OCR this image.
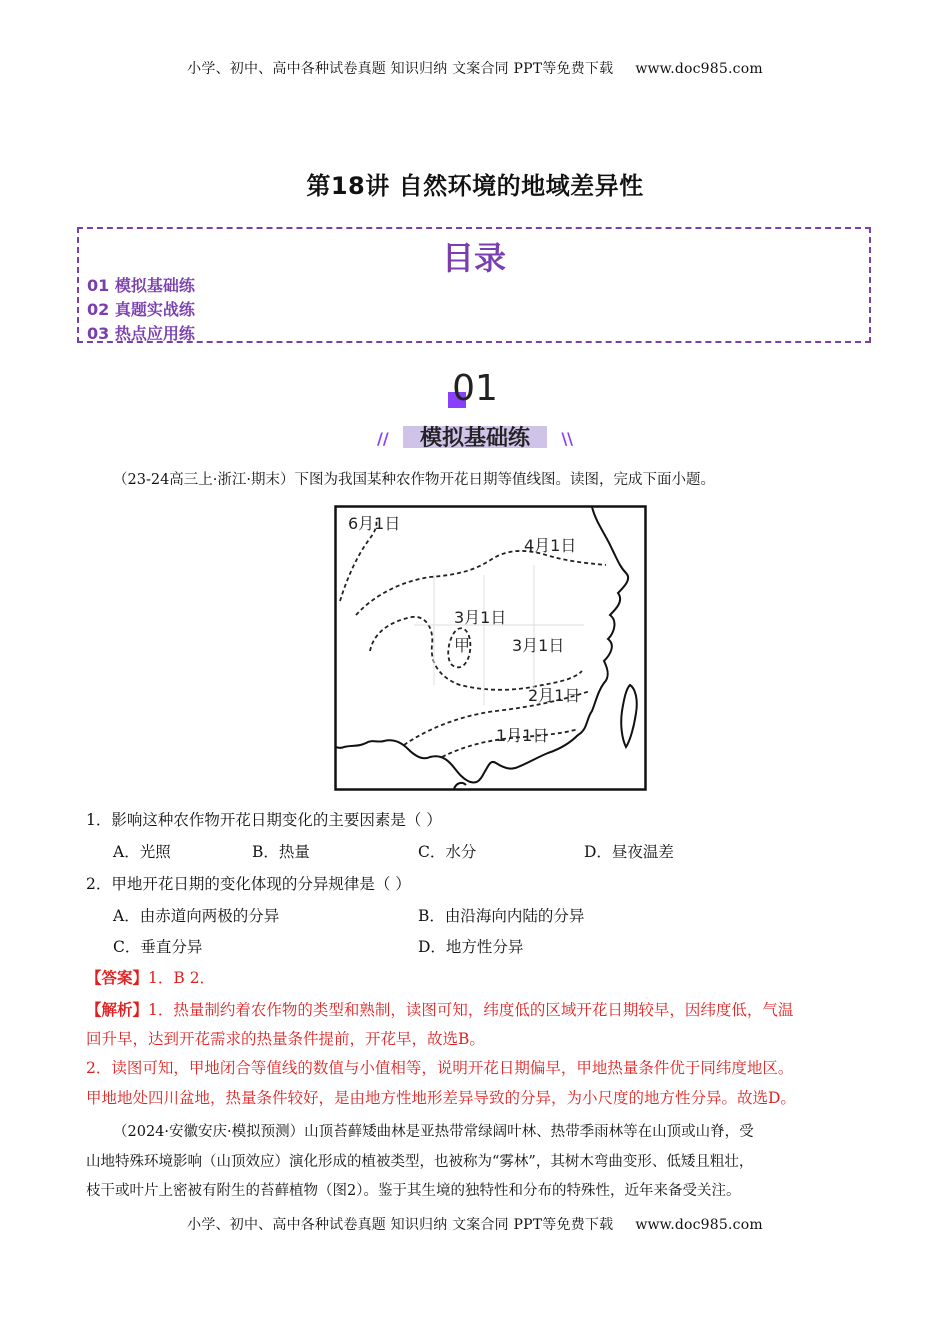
小学、初中、高中各种试卷真题 知识归纳 文案合同 PPT等免费下载 www.doc985.com
第18讲 自然环境的地域差异性
目录
01 模拟基础练
02 真题实战练
03 热点应用练
01
//	模拟基础练	\\
（23-24高三上·浙江·期末）下图为我国某种农作物开花日期等值线图。读图，完成下面小题。
6月1日
4月1日
3月1日
甲	3月1日
2月1日
1月1日
1．影响这种农作物开花日期变化的主要因素是（ ）
A．光照	B．热量	C．水分	D．昼夜温差
2．甲地开花日期的变化体现的分异规律是（ ）
A．由赤道向两极的分异	B．由沿海向内陆的分异
C．垂直分异	D．地方性分异
【答案】1．B 2．
【解析】1．热量制约着农作物的类型和熟制，读图可知，纬度低的区域开花日期较早，因纬度低，气温
回升早，达到开花需求的热量条件提前，开花早，故选B。
2．读图可知，甲地闭合等值线的数值与小值相等，说明开花日期偏早，甲地热量条件优于同纬度地区。
甲地地处四川盆地，热量条件较好，是由地方性地形差异导致的分异，为小尺度的地方性分异。故选D。
（2024·安徽安庆·模拟预测）山顶苔藓矮曲林是亚热带常绿阔叶林、热带季雨林等在山顶或山脊，受
山地特殊环境影响（山顶效应）演化形成的植被类型，也被称为“雾林”，其树木弯曲变形、低矮且粗壮，
枝干或叶片上密被有附生的苔藓植物（图2）。鉴于其生境的独特性和分布的特殊性，近年来备受关注。
小学、初中、高中各种试卷真题 知识归纳 文案合同 PPT等免费下载 www.doc985.com
